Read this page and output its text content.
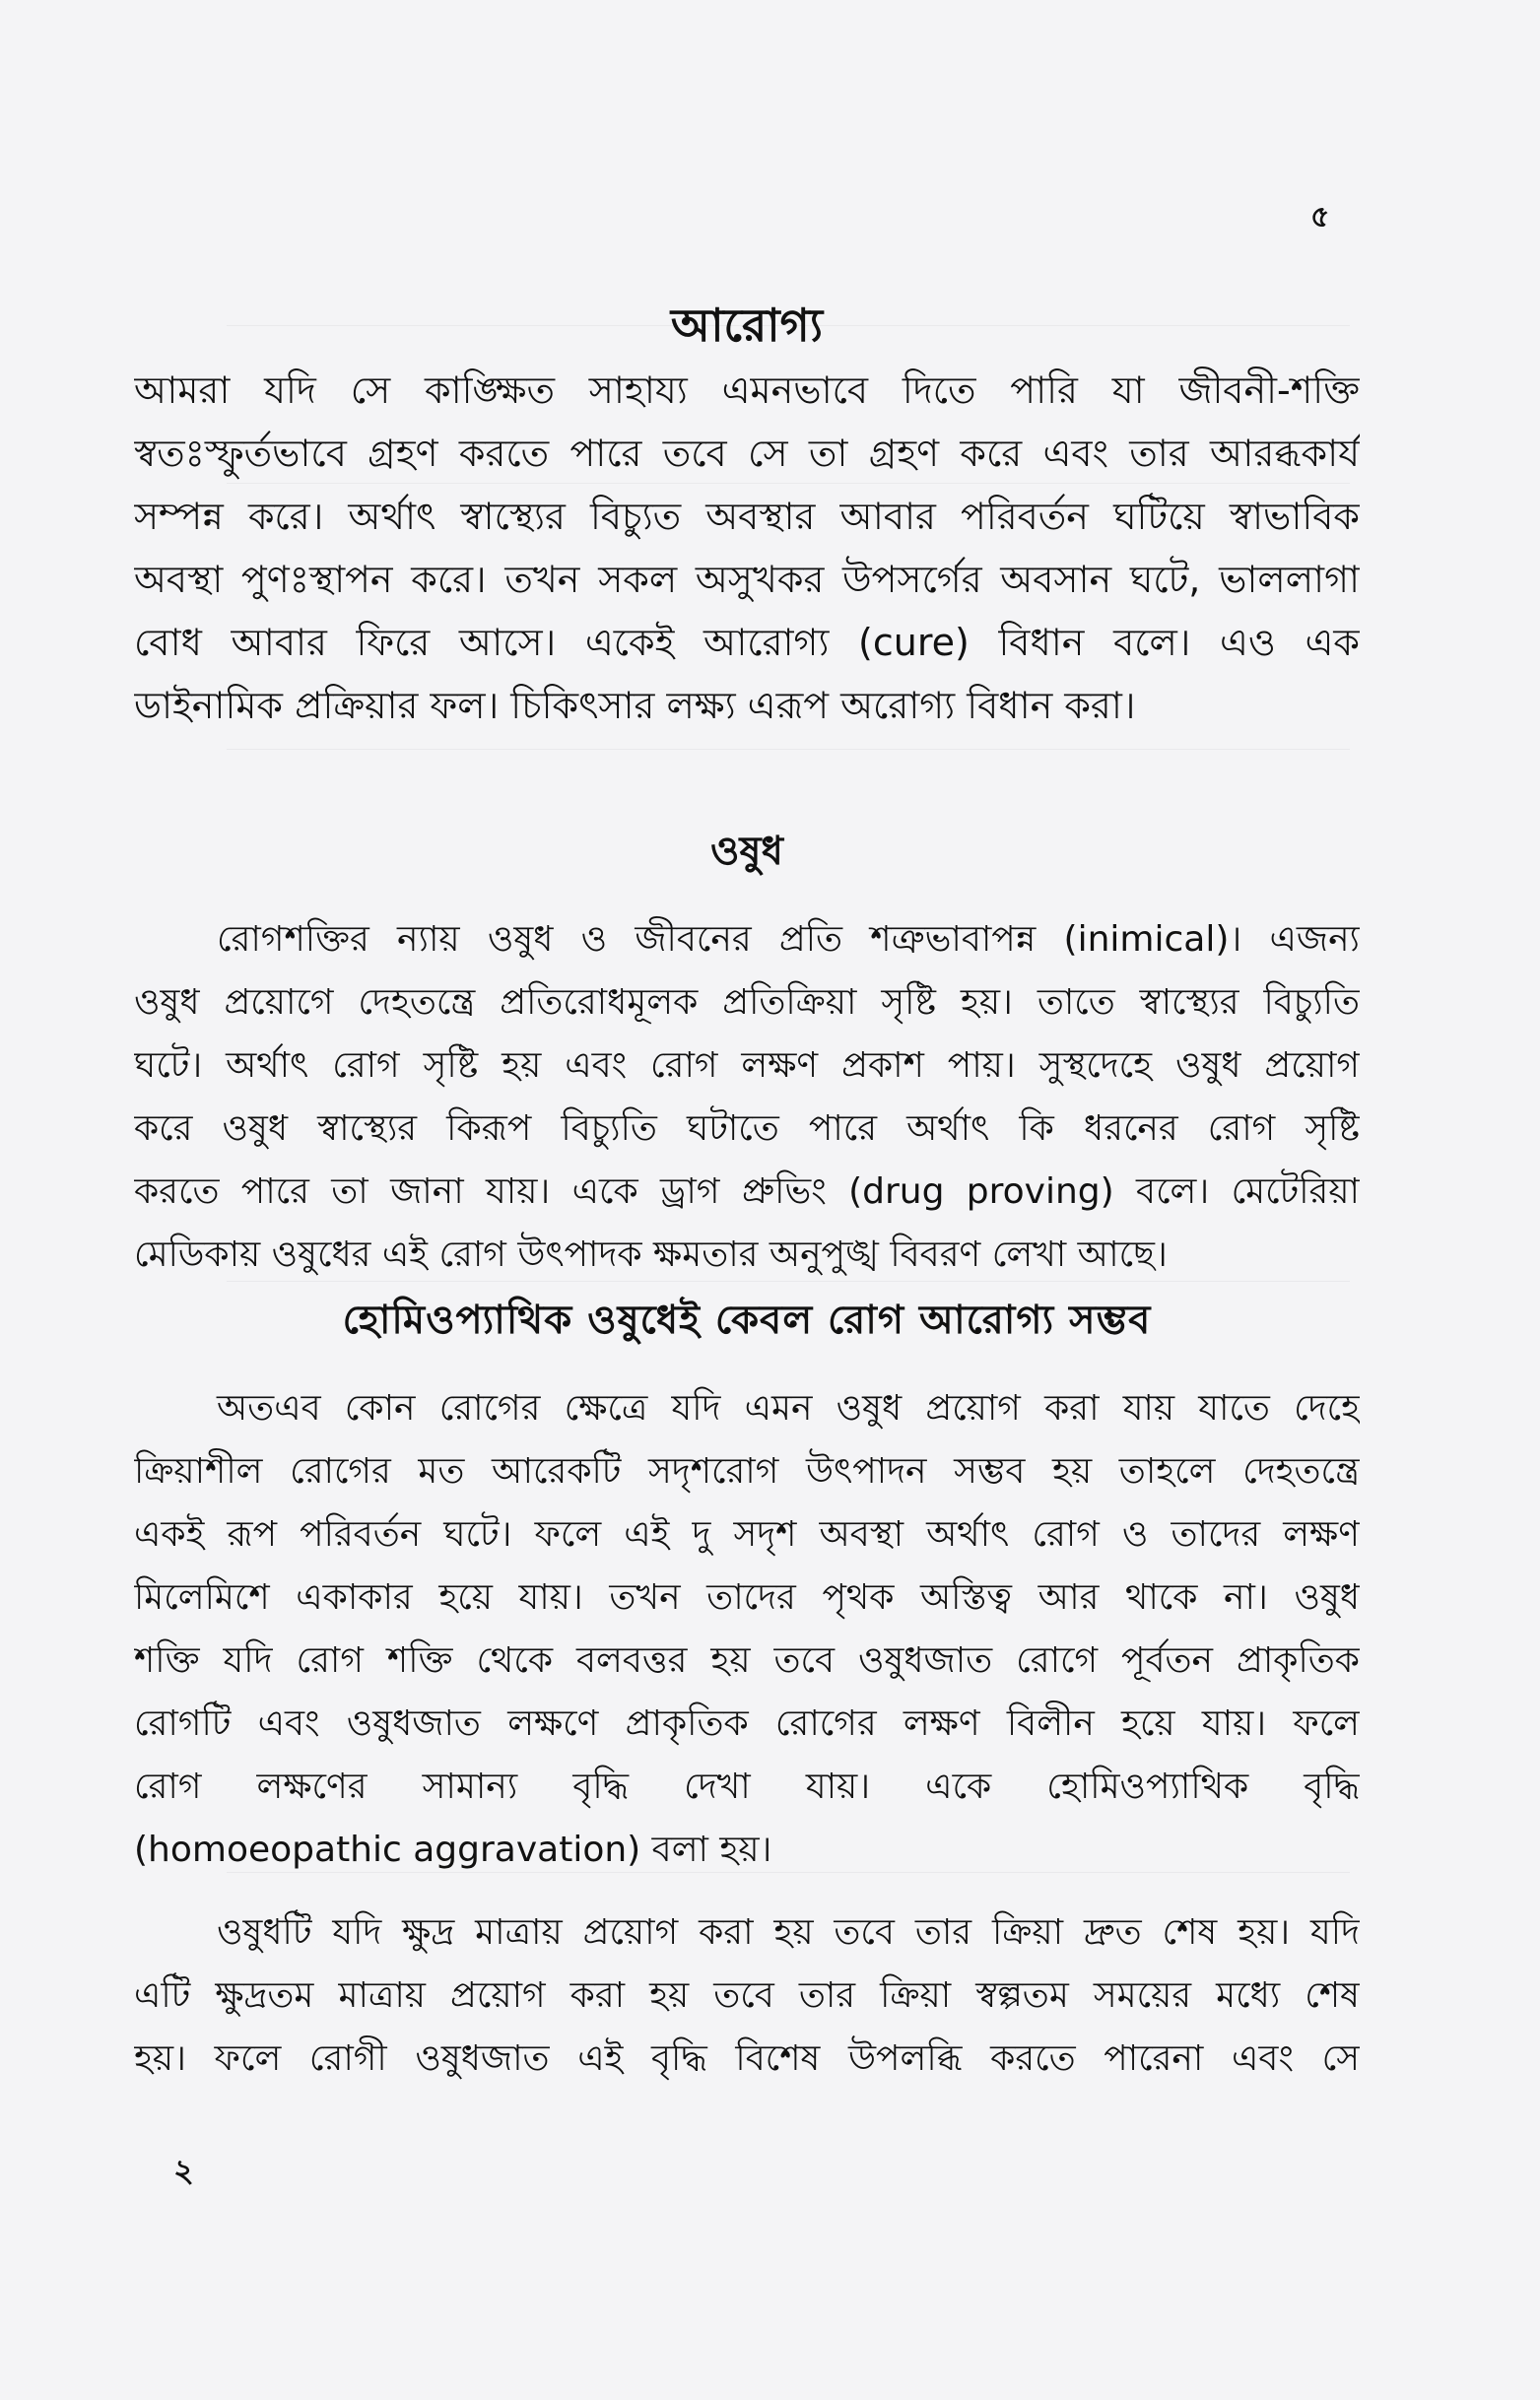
৫
আরোগ্য
আমরা যদি সে কাঙ্ক্ষিত সাহায্য এমনভাবে দিতে পারি যা জীবনী-শক্তি
স্বতঃস্ফুর্তভাবে গ্রহণ করতে পারে তবে সে তা গ্রহণ করে এবং তার আরব্ধকার্য
সম্পন্ন করে। অর্থাৎ স্বাস্থ্যের বিচ্যুত অবস্থার আবার পরিবর্তন ঘটিয়ে স্বাভাবিক
অবস্থা পুণঃস্থাপন করে। তখন সকল অসুখকর উপসর্গের অবসান ঘটে, ভাললাগা
বোধ আবার ফিরে আসে। একেই আরোগ্য (cure) বিধান বলে। এও এক
ডাইনামিক প্রক্রিয়ার ফল। চিকিৎসার লক্ষ্য এরূপ অরোগ্য বিধান করা।
ওষুধ
রোগশক্তির ন্যায় ওষুধ ও জীবনের প্রতি শত্রুভাবাপন্ন (inimical)। এজন্য
ওষুধ প্রয়োগে দেহতন্ত্রে প্রতিরোধমূলক প্রতিক্রিয়া সৃষ্টি হয়। তাতে স্বাস্থ্যের বিচ্যুতি
ঘটে। অর্থাৎ রোগ সৃষ্টি হয় এবং রোগ লক্ষণ প্রকাশ পায়। সুস্থদেহে ওষুধ প্রয়োগ
করে ওষুধ স্বাস্থ্যের কিরূপ বিচ্যুতি ঘটাতে পারে অর্থাৎ কি ধরনের রোগ সৃষ্টি
করতে পারে তা জানা যায়। একে ড্রাগ প্রুভিং (drug proving) বলে। মেটেরিয়া
মেডিকায় ওষুধের এই রোগ উৎপাদক ক্ষমতার অনুপুঙ্খ বিবরণ লেখা আছে।
হোমিওপ্যাথিক ওষুধেই কেবল রোগ আরোগ্য সম্ভব
অতএব কোন রোগের ক্ষেত্রে যদি এমন ওষুধ প্রয়োগ করা যায় যাতে দেহে
ক্রিয়াশীল রোগের মত আরেকটি সদৃশরোগ উৎপাদন সম্ভব হয় তাহলে দেহতন্ত্রে
একই রূপ পরিবর্তন ঘটে। ফলে এই দু সদৃশ অবস্থা অর্থাৎ রোগ ও তাদের লক্ষণ
মিলেমিশে একাকার হয়ে যায়। তখন তাদের পৃথক অস্তিত্ব আর থাকে না। ওষুধ
শক্তি যদি রোগ শক্তি থেকে বলবত্তর হয় তবে ওষুধজাত রোগে পূর্বতন প্রাকৃতিক
রোগটি এবং ওষুধজাত লক্ষণে প্রাকৃতিক রোগের লক্ষণ বিলীন হয়ে যায়। ফলে
রোগ লক্ষণের সামান্য বৃদ্ধি দেখা যায়। একে হোমিওপ্যাথিক বৃদ্ধি
(homoeopathic aggravation) বলা হয়।
ওষুধটি যদি ক্ষুদ্র মাত্রায় প্রয়োগ করা হয় তবে তার ক্রিয়া দ্রুত শেষ হয়। যদি
এটি ক্ষুদ্রতম মাত্রায় প্রয়োগ করা হয় তবে তার ক্রিয়া স্বল্পতম সময়ের মধ্যে শেষ
হয়। ফলে রোগী ওষুধজাত এই বৃদ্ধি বিশেষ উপলব্ধি করতে পারেনা এবং সে
২
